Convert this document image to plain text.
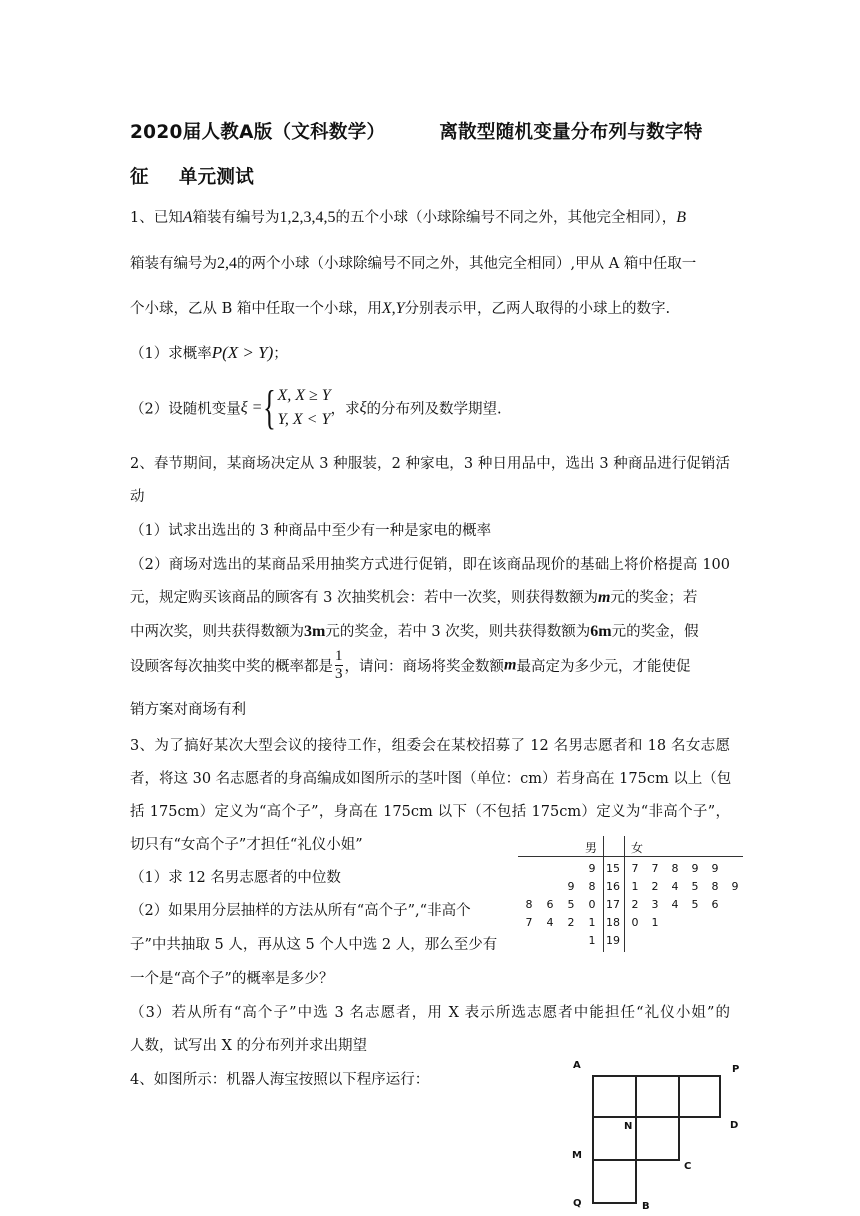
2020届人教A版（文科数学）	离散型随机变量分布列与数字特
征 单元测试
1、已知A箱装有编号为1,2,3,4,5的五个小球（小球除编号不同之外，其他完全相同），B
箱装有编号为2,4的两个小球（小球除编号不同之外，其他完全相同）,甲从 A 箱中任取一
个小球，乙从 B 箱中任取一个小球，用X,Y分别表示甲，乙两人取得的小球上的数字.
（1）求概率P(X > Y)；
（2）设随机变量ξ ={ X, X ≥ Y
Y, X < Y
，求ξ的分布列及数学期望.
2、春节期间，某商场决定从 3 种服装，2 种家电，3 种日用品中，选出 3 种商品进行促销活
动
（1）试求出选出的 3 种商品中至少有一种是家电的概率
（2）商场对选出的某商品采用抽奖方式进行促销，即在该商品现价的基础上将价格提高 100
元，规定购买该商品的顾客有 3 次抽奖机会：若中一次奖，则获得数额为m元的奖金；若
中两次奖，则共获得数额为3m元的奖金，若中 3 次奖，则共获得数额为6m元的奖金，假
设顾客每次抽奖中奖的概率都是 $\frac{1}{3}$ ，请问：商场将奖金数额m最高定为多少元，才能使促
销方案对商场有利
3、为了搞好某次大型会议的接待工作，组委会在某校招募了 12 名男志愿者和 18 名女志愿
者，将这 30 名志愿者的身高编成如图所示的茎叶图（单位：cm）若身高在 175cm 以上（包
括 175cm）定义为“高个子”，身高在 175cm 以下（不包括 175cm）定义为“非高个子”，
切只有“女高个子”才担任“礼仪小姐”
（1）求 12 名男志愿者的中位数
（2）如果用分层抽样的方法从所有“高个子”,“非高个
子”中共抽取 5 人，再从这 5 个人中选 2 人，那么至少有
一个是“高个子”的概率是多少？
（3）若从所有“高个子”中选 3 名志愿者，用 X 表示所选志愿者中能担任“礼仪小姐”的
人数，试写出 X 的分布列并求出期望
男	女
9 15	7	7	8	9	9
9	8 16	1	2	4	5	8	9
8	6	5	0 17	2	3	4	5	6
7	4	2	1 18	0	1
1 19
4、如图所示：机器人海宝按照以下程序运行：
A	P
N	D
M
C
Q	B
